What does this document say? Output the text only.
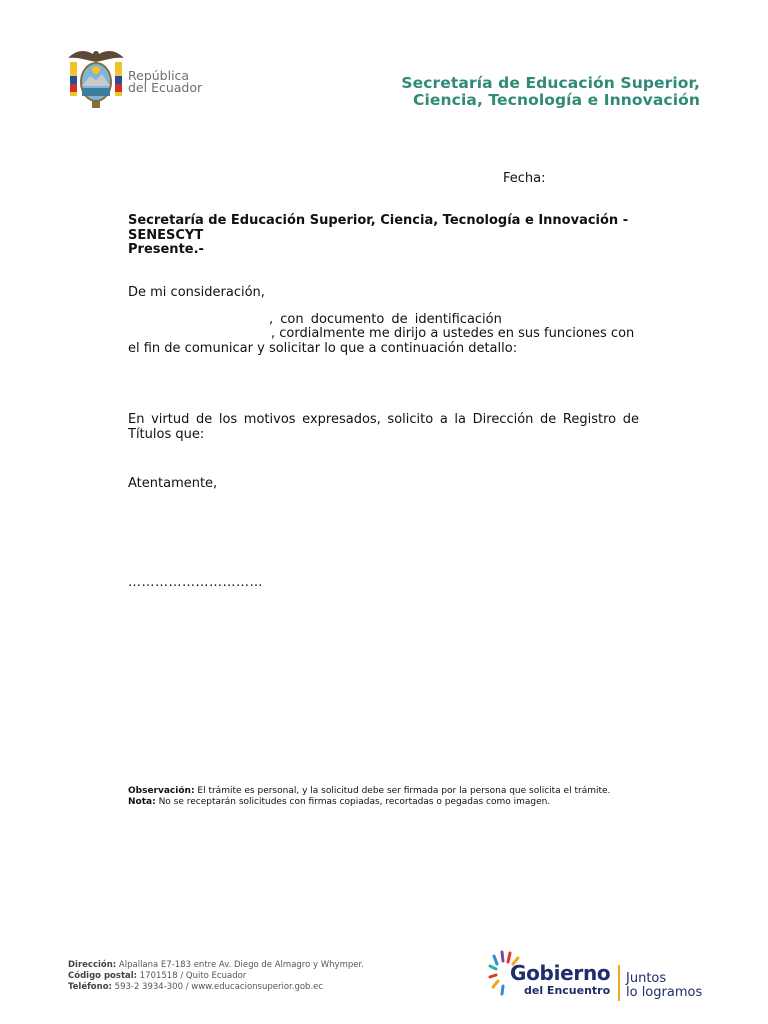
República
del Ecuador	Secretaría de Educación Superior,
Ciencia, Tecnología e Innovación
Fecha:
Secretaría de Educación Superior, Ciencia, Tecnología e Innovación -
SENESCYT
Presente.-
De mi consideración,
, con documento de identificación
, cordialmente me dirijo a ustedes en sus funciones con
el fin de comunicar y solicitar lo que a continuación detallo:
En virtud de los motivos expresados, solicito a la Dirección de Registro de Títulos que:
Atentamente,
…………………………
Observación: El trámite es personal, y la solicitud debe ser firmada por la persona que solicita el trámite.
Nota: No se receptarán solicitudes con firmas copiadas, recortadas o pegadas como imagen.
Dirección: Alpallana E7-183 entre Av. Diego de Almagro y Whymper.
Código postal: 1701518 / Quito Ecuador
Teléfono: 593-2 3934-300 / www.educacionsuperior.gob.ec
Gobierno
del Encuentro
Juntos
lo logramos
